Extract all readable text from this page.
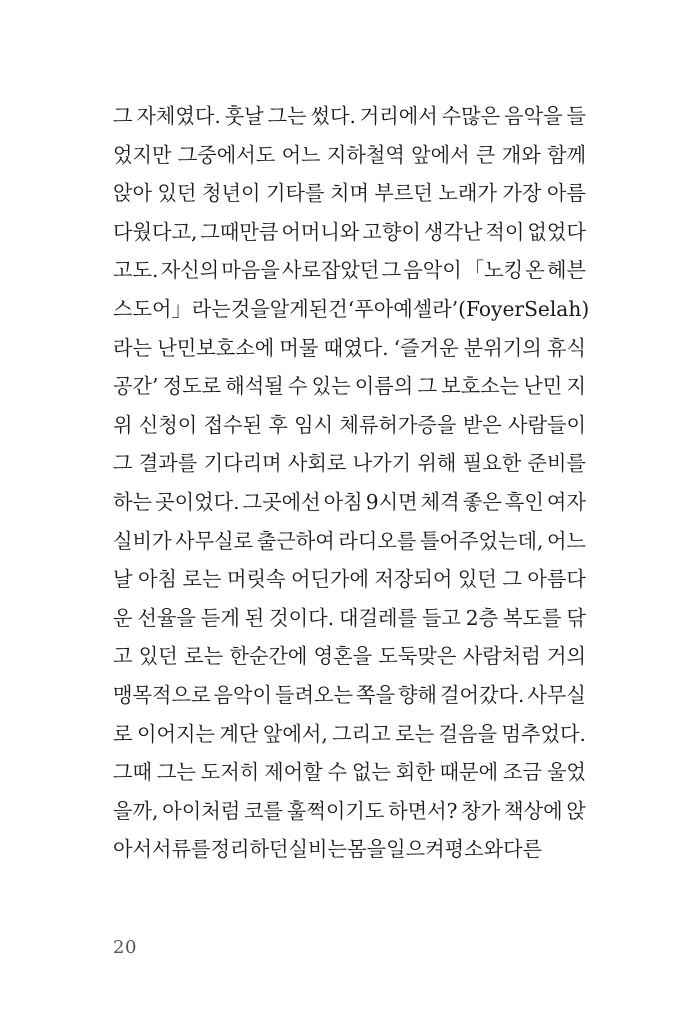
그 자체였다. 훗날 그는 썼다. 거리에서 수많은 음악을 들
었지만 그중에서도 어느 지하철역 앞에서 큰 개와 함께
앉아 있던 청년이 기타를 치며 부르던 노래가 가장 아름
다웠다고, 그때만큼 어머니와 고향이 생각난 적이 없었다
고도. 자신의 마음을 사로잡았던 그 음악이 「노킹 온 헤븐
스 도어」라는 것을 알게 된 건 ‘푸아예 셀라’(Foyer Selah)
라는 난민보호소에 머물 때였다. ‘즐거운 분위기의 휴식
공간’ 정도로 해석될 수 있는 이름의 그 보호소는 난민 지
위 신청이 접수된 후 임시 체류허가증을 받은 사람들이
그 결과를 기다리며 사회로 나가기 위해 필요한 준비를
하는 곳이었다. 그곳에선 아침 9시면 체격 좋은 흑인 여자
실비가 사무실로 출근하여 라디오를 틀어주었는데, 어느
날 아침 로는 머릿속 어딘가에 저장되어 있던 그 아름다
운 선율을 듣게 된 것이다. 대걸레를 들고 2층 복도를 닦
고 있던 로는 한순간에 영혼을 도둑맞은 사람처럼 거의
맹목적으로 음악이 들려오는 쪽을 향해 걸어갔다. 사무실
로 이어지는 계단 앞에서, 그리고 로는 걸음을 멈추었다.
그때 그는 도저히 제어할 수 없는 회한 때문에 조금 울었
을까, 아이처럼 코를 훌쩍이기도 하면서? 창가 책상에 앉
아서 서류를 정리하던 실비는 몸을 일으켜 평소와 다른
20
